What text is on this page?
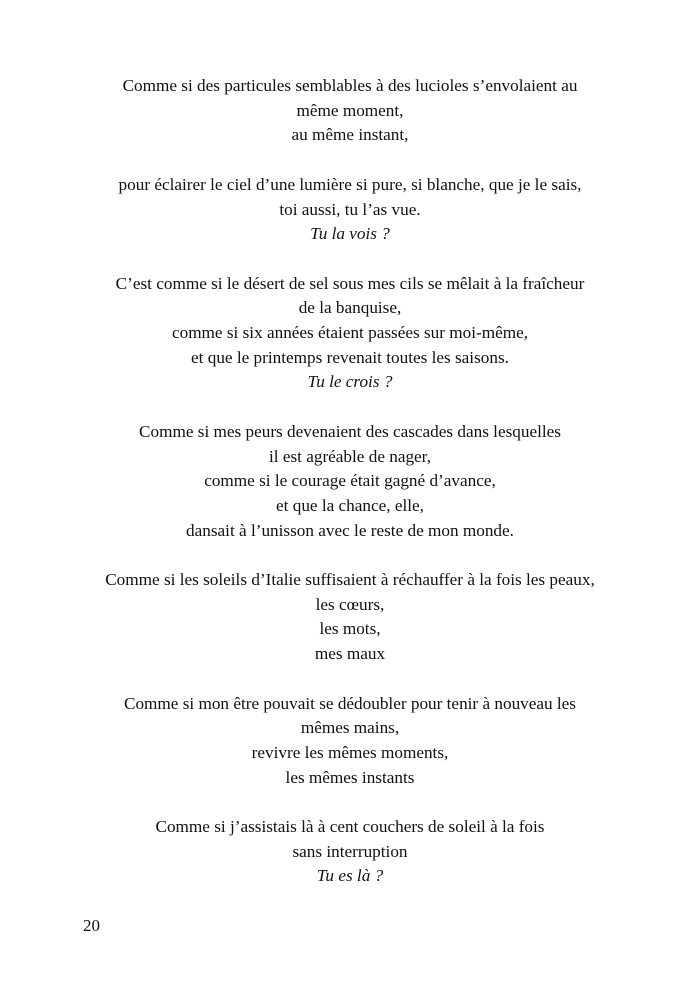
Comme si des particules semblables à des lucioles s’envolaient au
même moment,
au même instant,
pour éclairer le ciel d’une lumière si pure, si blanche, que je le sais,
toi aussi, tu l’as vue.
Tu la vois ?
C’est comme si le désert de sel sous mes cils se mêlait à la fraîcheur
de la banquise,
comme si six années étaient passées sur moi-même,
et que le printemps revenait toutes les saisons.
Tu le crois ?
Comme si mes peurs devenaient des cascades dans lesquelles
il est agréable de nager,
comme si le courage était gagné d’avance,
et que la chance, elle,
dansait à l’unisson avec le reste de mon monde.
Comme si les soleils d’Italie suffisaient à réchauffer à la fois les peaux,
les cœurs,
les mots,
mes maux
Comme si mon être pouvait se dédoubler pour tenir à nouveau les
mêmes mains,
revivre les mêmes moments,
les mêmes instants
Comme si j’assistais là à cent couchers de soleil à la fois
sans interruption
Tu es là ?
20
